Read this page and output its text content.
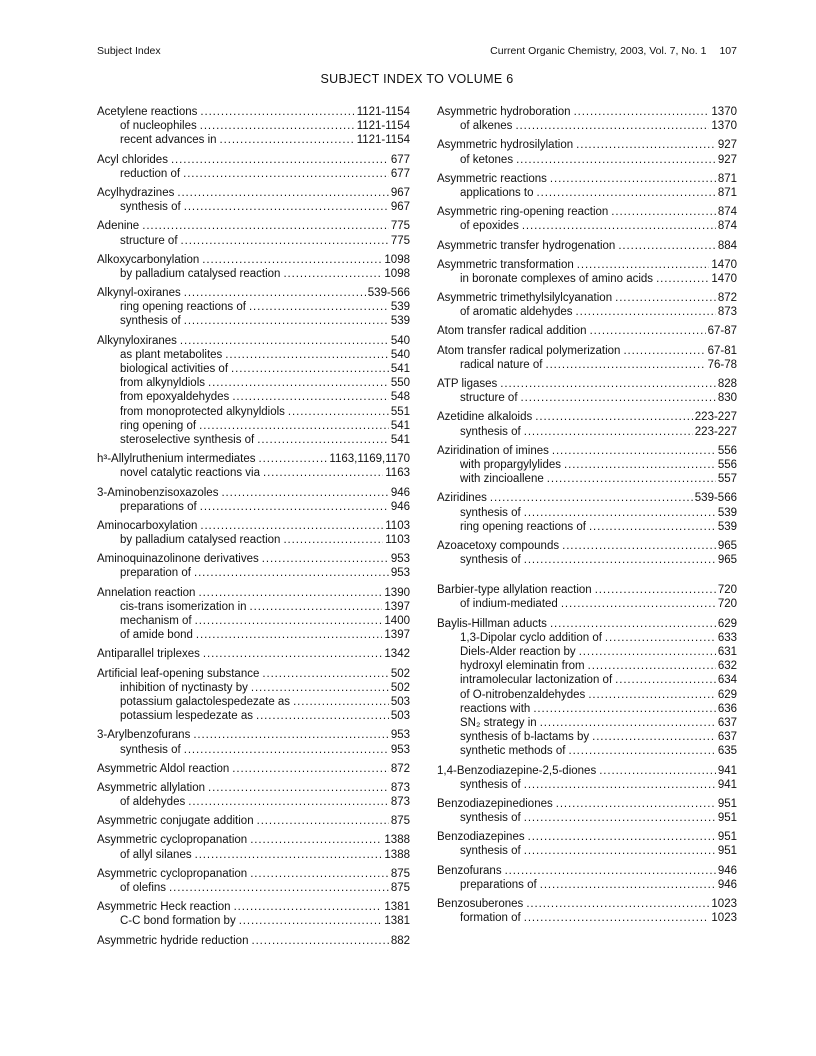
Subject Index	Current Organic Chemistry, 2003, Vol. 7, No. 1 107
SUBJECT INDEX TO VOLUME 6
Acetylene reactions .....	1121-1154
of nucleophiles .....	1121-1154
recent advances in .....	1121-1154
Acyl chlorides .....	677
reduction of .....	677
Acylhydrazines .....	967
synthesis of .....	967
Adenine .....	775
structure of .....	775
Alkoxycarbonylation .....	1098
by palladium catalysed reaction .....	1098
Alkynyl-oxiranes .....	539-566
ring opening reactions of .....	539
synthesis of .....	539
Alkynyloxiranes .....	540
as plant metabolites .....	540
biological activities of .....	541
from alkynyldiols .....	550
from epoxyaldehydes .....	548
from monoprotected alkynyldiols .....	551
ring opening of .....	541
steroselective synthesis of .....	541
h³-Allylruthenium intermediates .....	1163,1169,1170
novel catalytic reactions via .....	1163
3-Aminobenzisoxazoles .....	946
preparations of .....	946
Aminocarboxylation .....	1103
by palladium catalysed reaction .....	1103
Aminoquinazolinone derivatives .....	953
preparation of .....	953
Annelation reaction .....	1390
cis-trans isomerization in .....	1397
mechanism of .....	1400
of amide bond .....	1397
Antiparallel triplexes .....	1342
Artificial leaf-opening substance .....	502
inhibition of nyctinasty by .....	502
potassium galactolespedezate as .....	503
potassium lespedezate as .....	503
3-Arylbenzofurans .....	953
synthesis of .....	953
Asymmetric Aldol reaction .....	872
Asymmetric allylation .....	873
of aldehydes .....	873
Asymmetric conjugate addition .....	875
Asymmetric cyclopropanation .....	1388
of allyl silanes .....	1388
Asymmetric cyclopropanation .....	875
of olefins .....	875
Asymmetric Heck reaction .....	1381
C-C bond formation by .....	1381
Asymmetric hydride reduction .....	882
Asymmetric hydroboration .....	1370
of alkenes .....	1370
Asymmetric hydrosilylation .....	927
of ketones .....	927
Asymmetric reactions .....	871
applications to .....	871
Asymmetric ring-opening reaction .....	874
of epoxides .....	874
Asymmetric transfer hydrogenation .....	884
Asymmetric transformation .....	1470
in boronate complexes of amino acids .....	1470
Asymmetric trimethylsilylcyanation .....	872
of aromatic aldehydes .....	873
Atom transfer radical addition .....	67-87
Atom transfer radical polymerization .....	67-81
radical nature of .....	76-78
ATP ligases .....	828
structure of .....	830
Azetidine alkaloids .....	223-227
synthesis of .....	223-227
Aziridination of imines .....	556
with propargylylides .....	556
with zincioallene .....	557
Aziridines .....	539-566
synthesis of .....	539
ring opening reactions of .....	539
Azoacetoxy compounds .....	965
synthesis of .....	965
Barbier-type allylation reaction .....	720
of indium-mediated .....	720
Baylis-Hillman aducts .....	629
1,3-Dipolar cyclo addition of .....	633
Diels-Alder reaction by .....	631
hydroxyl eleminatin from .....	632
intramolecular lactonization of .....	634
of O-nitrobenzaldehydes .....	629
reactions with .....	636
SN₂ strategy in .....	637
synthesis of b-lactams by .....	637
synthetic methods of .....	635
1,4-Benzodiazepine-2,5-diones .....	941
synthesis of .....	941
Benzodiazepinediones .....	951
synthesis of .....	951
Benzodiazepines .....	951
synthesis of .....	951
Benzofurans .....	946
preparations of .....	946
Benzosuberones .....	1023
formation of .....	1023
